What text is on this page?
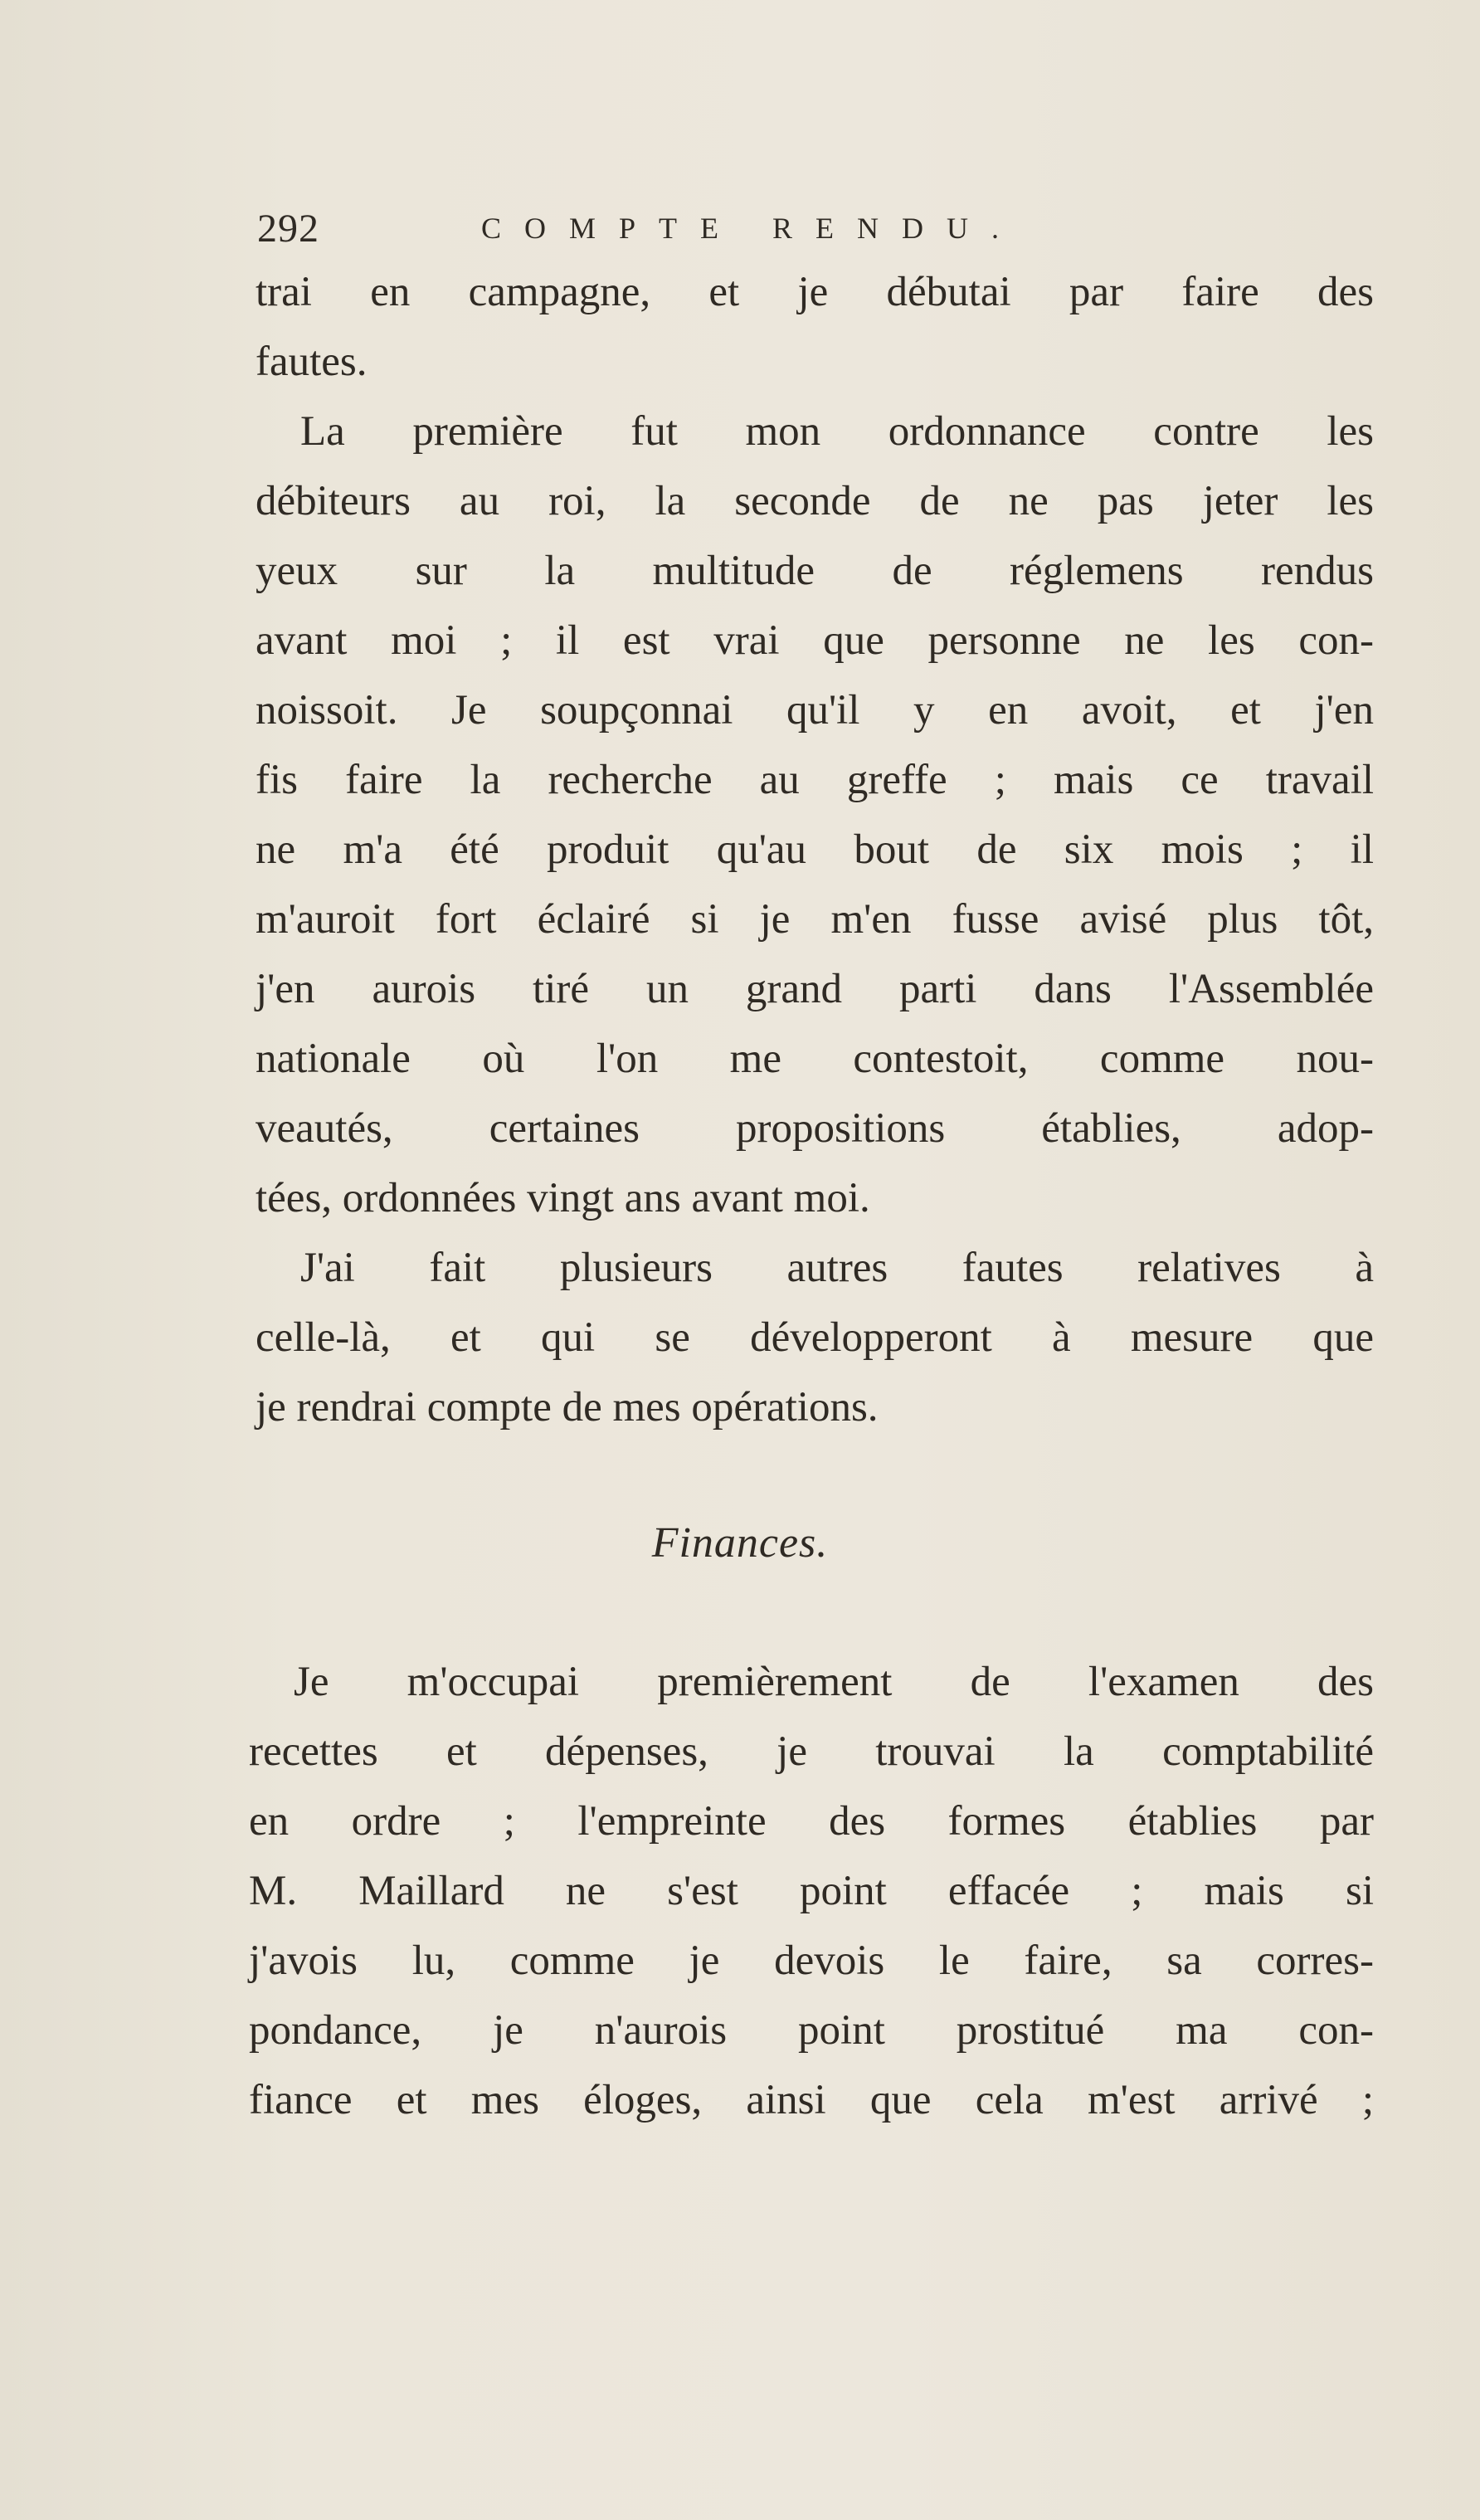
292	COMPTE RENDU.
trai en campagne, et je débutai par faire des
fautes.
La première fut mon ordonnance contre les
débiteurs au roi, la seconde de ne pas jeter les
yeux sur la multitude de réglemens rendus
avant moi ; il est vrai que personne ne les con-
noissoit. Je soupçonnai qu'il y en avoit, et j'en
fis faire la recherche au greffe ; mais ce travail
ne m'a été produit qu'au bout de six mois ; il
m'auroit fort éclairé si je m'en fusse avisé plus tôt,
j'en aurois tiré un grand parti dans l'Assemblée
nationale où l'on me contestoit, comme nou-
veautés, certaines propositions établies, adop-
tées, ordonnées vingt ans avant moi.
J'ai fait plusieurs autres fautes relatives à
celle-là, et qui se développeront à mesure que
je rendrai compte de mes opérations.
Finances.
Je m'occupai premièrement de l'examen des
recettes et dépenses, je trouvai la comptabilité
en ordre ; l'empreinte des formes établies par
M. Maillard ne s'est point effacée ; mais si
j'avois lu, comme je devois le faire, sa corres-
pondance, je n'aurois point prostitué ma con-
fiance et mes éloges, ainsi que cela m'est arrivé ;
